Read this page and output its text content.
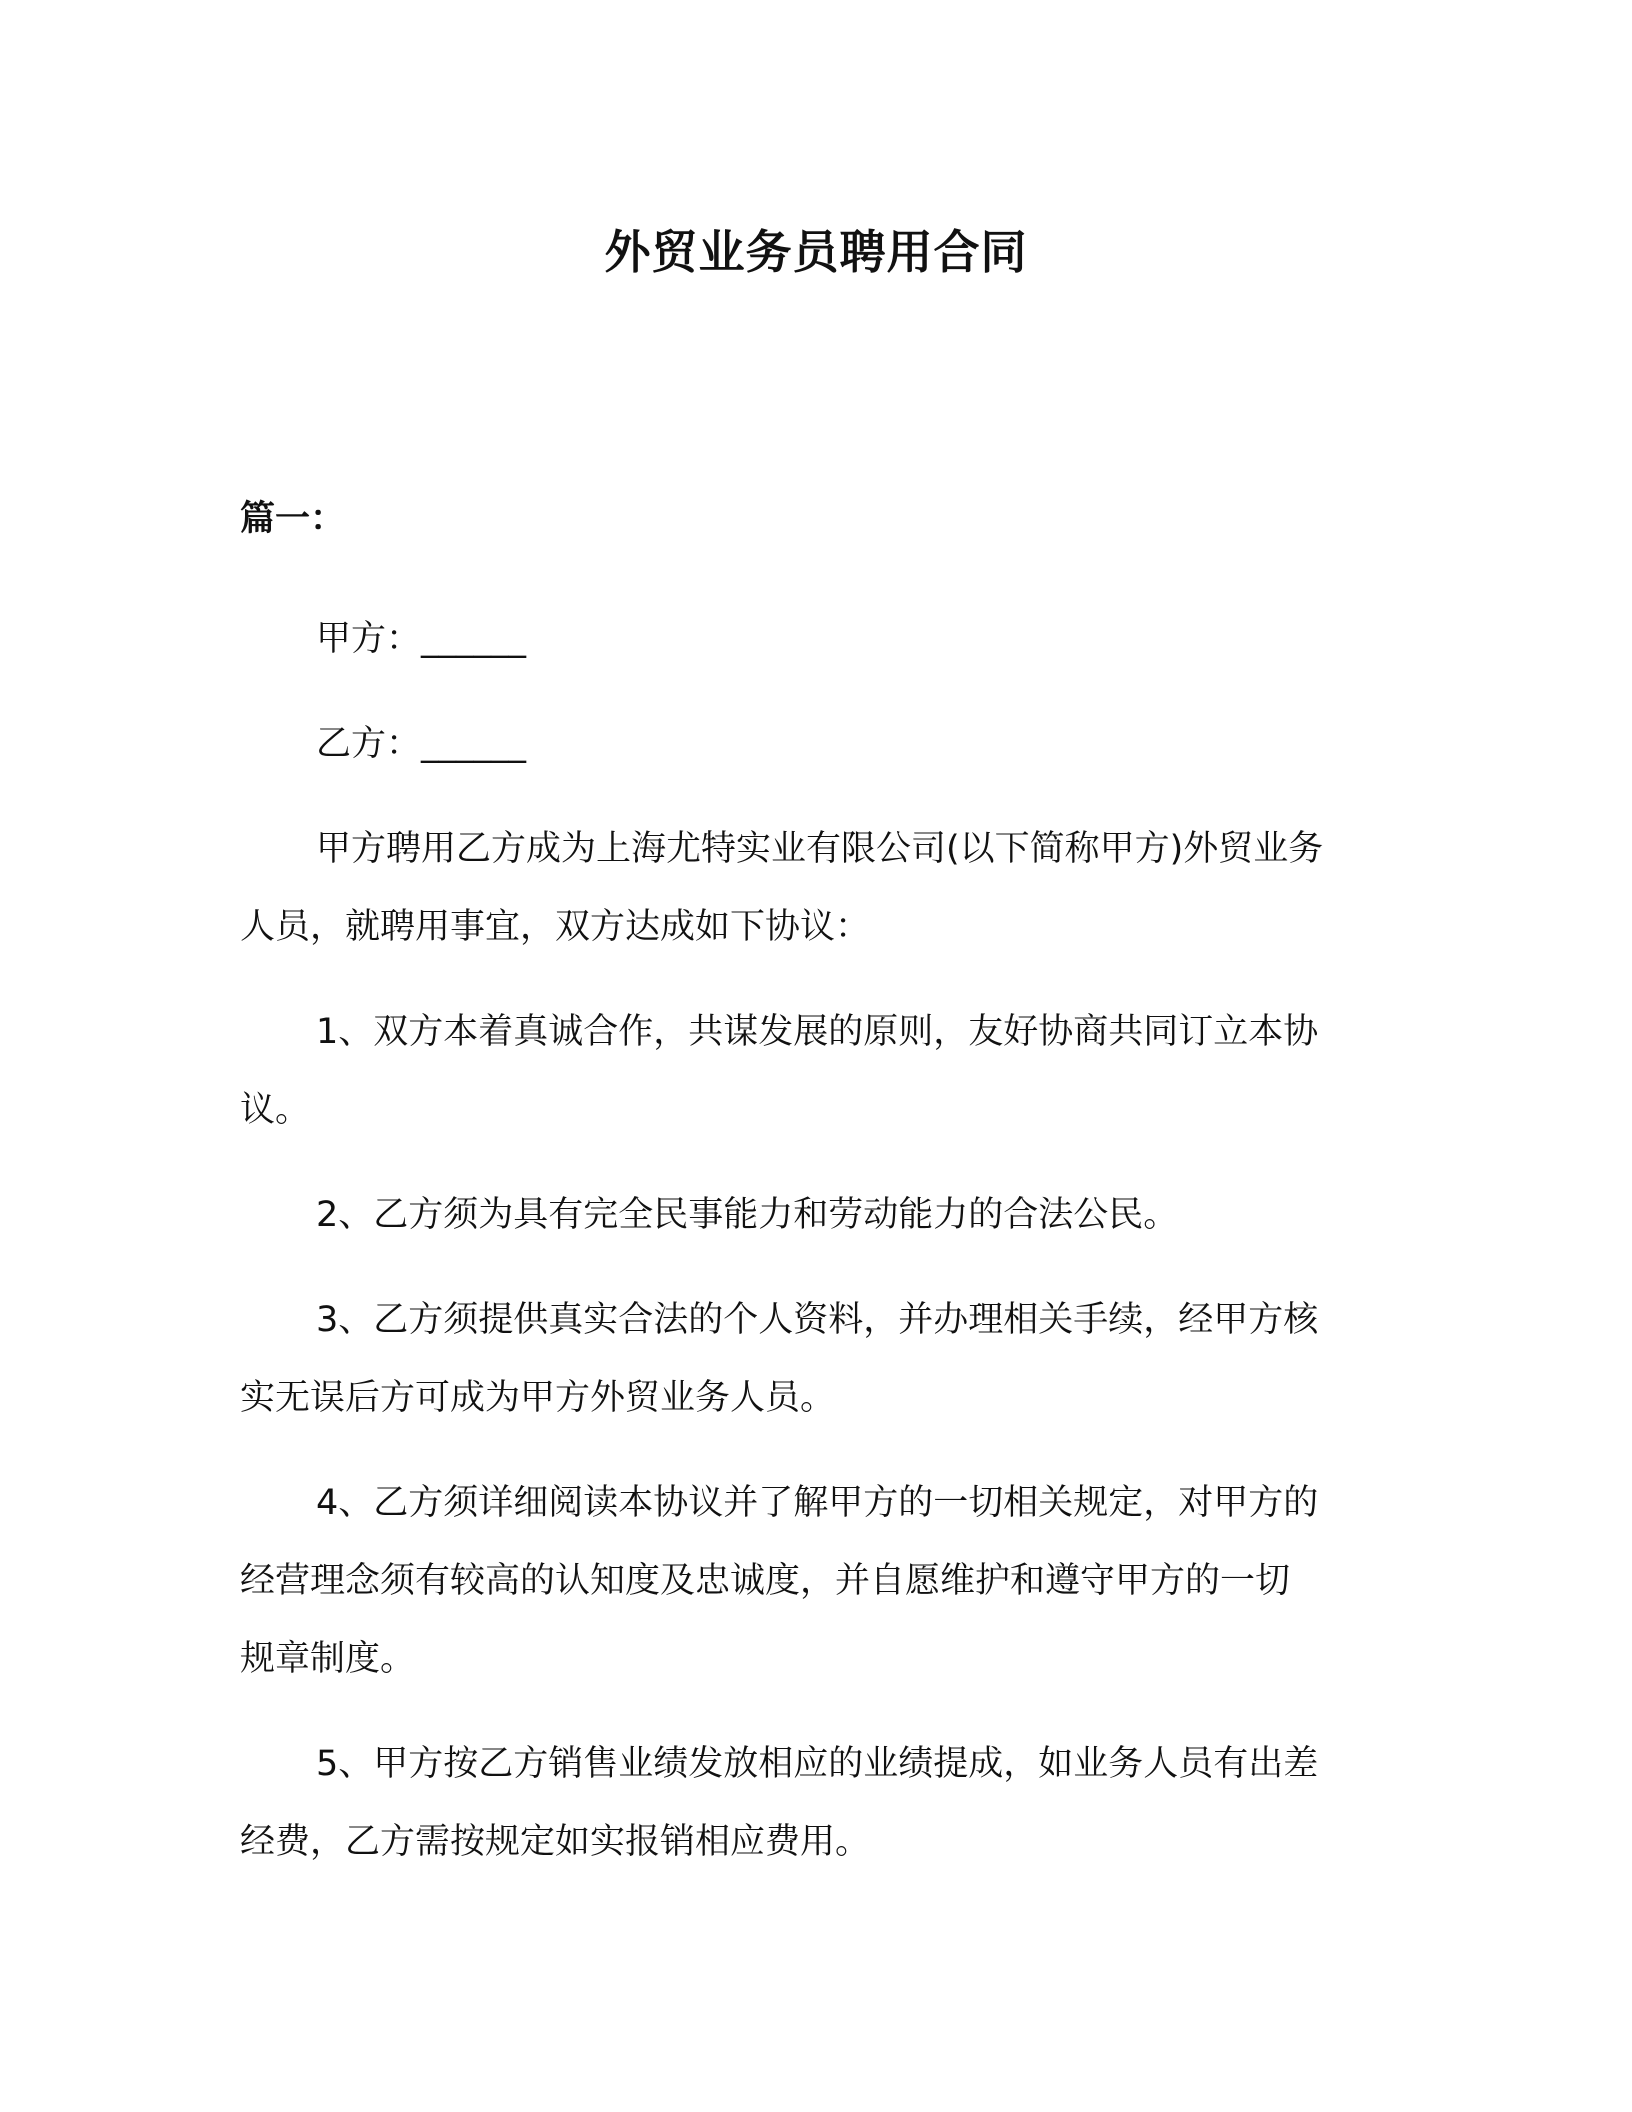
外贸业务员聘用合同
篇一：

甲方：______

乙方：______

甲方聘用乙方成为上海尤特实业有限公司(以下简称甲方)外贸业务
人员，就聘用事宜，双方达成如下协议：

1、双方本着真诚合作，共谋发展的原则，友好协商共同订立本协
议。

2、乙方须为具有完全民事能力和劳动能力的合法公民。

3、乙方须提供真实合法的个人资料，并办理相关手续，经甲方核
实无误后方可成为甲方外贸业务人员。

4、乙方须详细阅读本协议并了解甲方的一切相关规定，对甲方的
经营理念须有较高的认知度及忠诚度，并自愿维护和遵守甲方的一切
规章制度。

5、甲方按乙方销售业绩发放相应的业绩提成，如业务人员有出差
经费，乙方需按规定如实报销相应费用。
